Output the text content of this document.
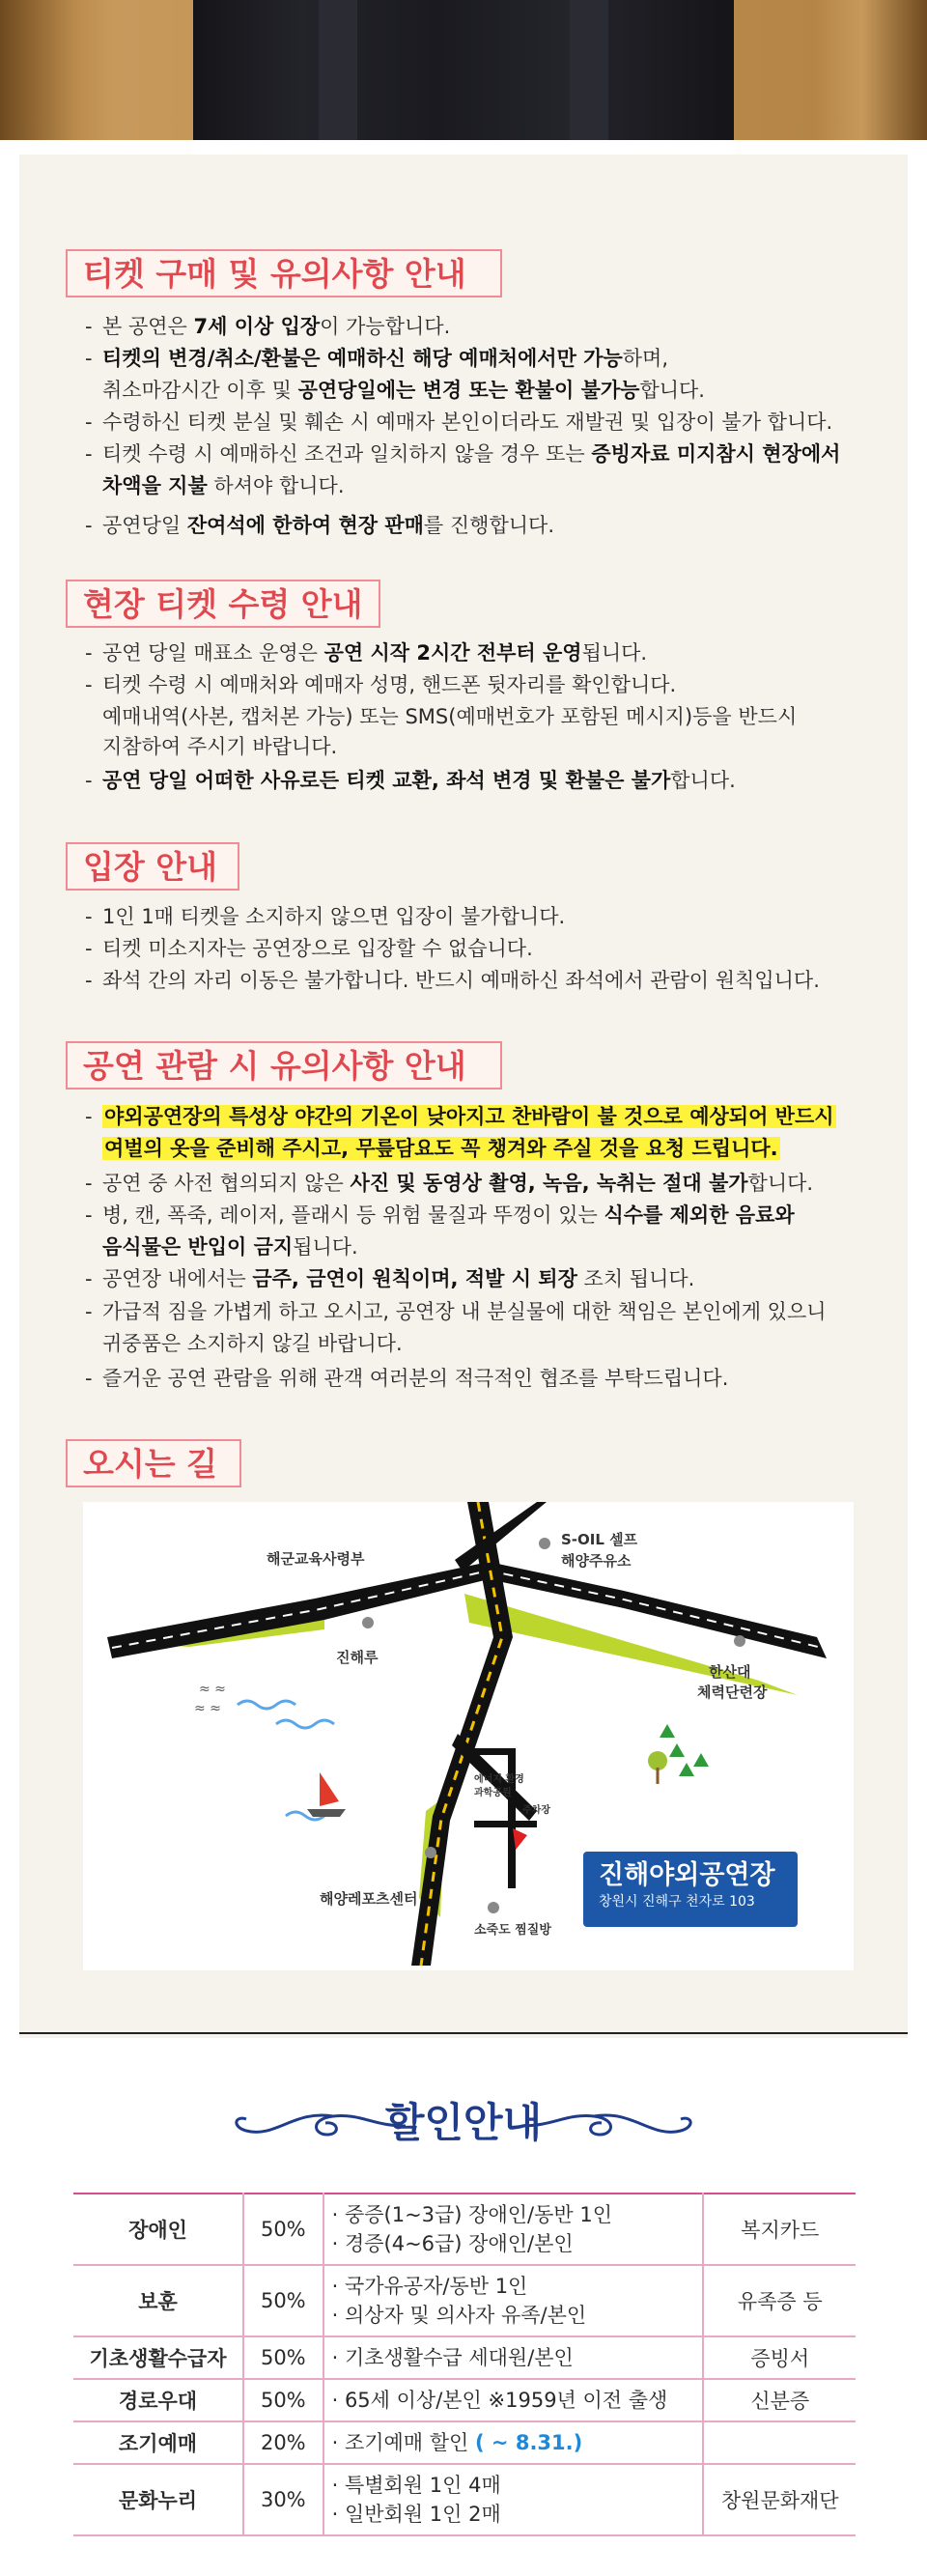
티켓 구매 및 유의사항 안내
- 본 공연은 7세 이상 입장이 가능합니다.
- 티켓의 변경/취소/환불은 예매하신 해당 예매처에서만 가능하며,
취소마감시간 이후 및 공연당일에는 변경 또는 환불이 불가능합니다.
- 수령하신 티켓 분실 및 훼손 시 예매자 본인이더라도 재발권 및 입장이 불가 합니다.
- 티켓 수령 시 예매하신 조건과 일치하지 않을 경우 또는 증빙자료 미지참시 현장에서
차액을 지불 하셔야 합니다.
- 공연당일 잔여석에 한하여 현장 판매를 진행합니다.
현장 티켓 수령 안내
- 공연 당일 매표소 운영은 공연 시작 2시간 전부터 운영됩니다.
- 티켓 수령 시 예매처와 예매자 성명, 핸드폰 뒷자리를 확인합니다.
예매내역(사본, 캡처본 가능) 또는 SMS(예매번호가 포함된 메시지)등을 반드시
지참하여 주시기 바랍니다.
- 공연 당일 어떠한 사유로든 티켓 교환, 좌석 변경 및 환불은 불가합니다.
입장 안내
- 1인 1매 티켓을 소지하지 않으면 입장이 불가합니다.
- 티켓 미소지자는 공연장으로 입장할 수 없습니다.
- 좌석 간의 자리 이동은 불가합니다. 반드시 예매하신 좌석에서 관람이 원칙입니다.
공연 관람 시 유의사항 안내
- 야외공연장의 특성상 야간의 기온이 낮아지고 찬바람이 불 것으로 예상되어 반드시
여벌의 옷을 준비해 주시고, 무릎담요도 꼭 챙겨와 주실 것을 요청 드립니다.
- 공연 중 사전 협의되지 않은 사진 및 동영상 촬영, 녹음, 녹취는 절대 불가합니다.
- 병, 캔, 폭죽, 레이저, 플래시 등 위험 물질과 뚜껑이 있는 식수를 제외한 음료와
음식물은 반입이 금지됩니다.
- 공연장 내에서는 금주, 금연이 원칙이며, 적발 시 퇴장 조치 됩니다.
- 가급적 짐을 가볍게 하고 오시고, 공연장 내 분실물에 대한 책임은 본인에게 있으니
귀중품은 소지하지 않길 바랍니다.
- 즐거운 공연 관람을 위해 관객 여러분의 적극적인 협조를 부탁드립니다.
오시는 길
≈ ≈
≈ ≈
해군교육사령부
S-OIL 셀프
해양주유소
진해루
한산대
체력단련장
에너지 환경
과학공원
주차장
해양레포츠센터
소죽도 찜질방
진해야외공연장
창원시 진해구 천자로 103
할인안내
장애인	50%	· 중증(1~3급) 장애인/동반 1인
· 경증(4~6급) 장애인/본인	복지카드
보훈	50%	· 국가유공자/동반 1인
· 의상자 및 의사자 유족/본인	유족증 등
기초생활수급자	50%	· 기초생활수급 세대원/본인	증빙서
경로우대	50%	· 65세 이상/본인 ※1959년 이전 출생	신분증
조기예매	20%	· 조기예매 할인 ( ~ 8.31.)	

문화누리	30%	· 특별회원 1인 4매
· 일반회원 1인 2매	창원문화재단
